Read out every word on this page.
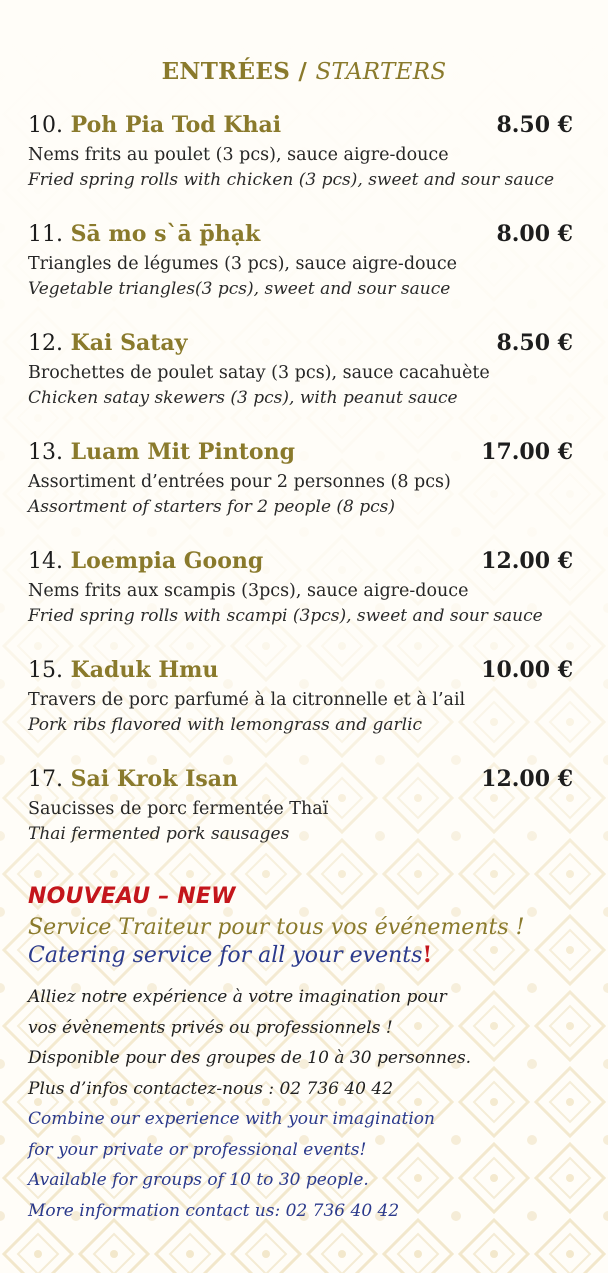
ENTRÉES / STARTERS
10. Poh Pia Tod Khai	8.50 €
Nems frits au poulet (3 pcs), sauce aigre-douce
Fried spring rolls with chicken (3 pcs), sweet and sour sauce
11. Sā mo s`ā p̄hạk	8.00 €
Triangles de légumes (3 pcs), sauce aigre-douce
Vegetable triangles(3 pcs), sweet and sour sauce
12. Kai Satay	8.50 €
Brochettes de poulet satay (3 pcs), sauce cacahuète
Chicken satay skewers (3 pcs), with peanut sauce
13. Luam Mit Pintong	17.00 €
Assortiment d’entrées pour 2 personnes (8 pcs)
Assortment of starters for 2 people (8 pcs)
14. Loempia Goong	12.00 €
Nems frits aux scampis (3pcs), sauce aigre-douce
Fried spring rolls with scampi (3pcs), sweet and sour sauce
15. Kaduk Hmu	10.00 €
Travers de porc parfumé à la citronnelle et à l’ail
Pork ribs flavored with lemongrass and garlic
17. Sai Krok Isan	12.00 €
Saucisses de porc fermentée Thaï
Thai fermented pork sausages
NOUVEAU – NEW
Service Traiteur pour tous vos événements !
Catering service for all your events!
Alliez notre expérience à votre imagination pour
vos évènements privés ou professionnels !
Disponible pour des groupes de 10 à 30 personnes.
Plus d’infos contactez-nous : 02 736 40 42
Combine our experience with your imagination
for your private or professional events!
Available for groups of 10 to 30 people.
More information contact us: 02 736 40 42
